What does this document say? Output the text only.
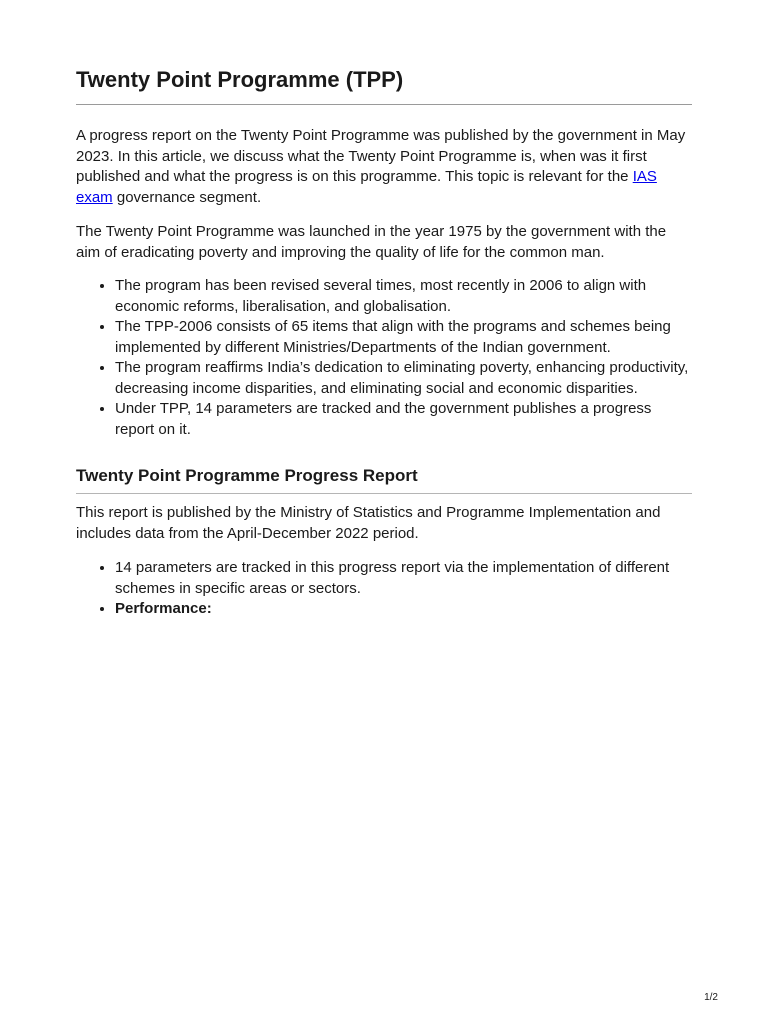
Twenty Point Programme (TPP)

A progress report on the Twenty Point Programme was published by the government in May 2023. In this article, we discuss what the Twenty Point Programme is, when was it first published and what the progress is on this programme. This topic is relevant for the IAS exam governance segment.

The Twenty Point Programme was launched in the year 1975 by the government with the aim of eradicating poverty and improving the quality of life for the common man.

• The program has been revised several times, most recently in 2006 to align with economic reforms, liberalisation, and globalisation.
• The TPP-2006 consists of 65 items that align with the programs and schemes being implemented by different Ministries/Departments of the Indian government.
• The program reaffirms India’s dedication to eliminating poverty, enhancing productivity, decreasing income disparities, and eliminating social and economic disparities.
• Under TPP, 14 parameters are tracked and the government publishes a progress report on it.
Twenty Point Programme Progress Report

This report is published by the Ministry of Statistics and Programme Implementation and includes data from the April-December 2022 period.

• 14 parameters are tracked in this progress report via the implementation of different schemes in specific areas or sectors.
• Performance:
1/2
